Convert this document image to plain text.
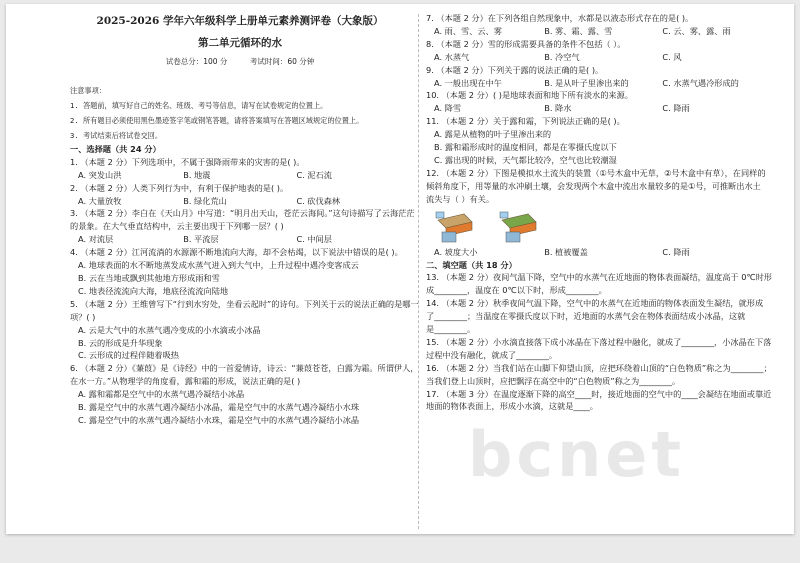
2025-2026 学年六年级科学上册单元素养测评卷（大象版）
第二单元循环的水
试卷总分：100 分	考试时间：60 分钟
注意事项：
1. 答题前，填写好自己的姓名、班级、考号等信息，请写在试卷规定的位置上。
2. 所有题目必须使用黑色墨迹签字笔或钢笔答题，请将答案填写在答题区域规定的位置上。
3. 考试结束后将试卷交回。
一、选择题（共 24 分）
1. （本题 2 分）下列选项中，不属于强降雨带来的灾害的是( )。
A. 突发山洪	B. 地震	C. 泥石流
2. （本题 2 分）人类下列行为中，有利于保护地表的是( )。
A. 大量放牧	B. 绿化荒山	C. 砍伐森林
3. （本题 2 分）李白在《天山月》中写道：“明月出天山，苍茫云海间。”这句诗描写了云海茫茫
的景象。在大气垂直结构中，云主要出现于下列哪一层？( )
A. 对流层	B. 平流层	C. 中间层
4. （本题 2 分）江河流淌的水源源不断地流向大海，却不会枯竭，以下说法中错误的是( )。
A. 地球表面的水不断地蒸发成水蒸气进入到大气中，上升过程中遇冷变客成云
B. 云在当地或飘到其他地方形成雨和雪
C. 地表径流流向大海，地底径流流向陆地
5. （本题 2 分）王维曾写下“行到水穷处，坐看云起时”的诗句。下列关于云的说法正确的是哪一
项？( )
A. 云是大气中的水蒸气遇冷变成的小水滴或小冰晶
B. 云的形成是升华现象
C. 云形成的过程伴随着吸热
6. （本题 2 分）《蒹葭》是《诗经》中的一首爱情诗，诗云：“蒹葭苍苍，白露为霜。所谓伊人，
在水一方。”从物理学的角度看，露和霜的形成，说法正确的是( )
A. 露和霜都是空气中的水蒸气遇冷凝结小冰晶
B. 露是空气中的水蒸气遇冷凝结小冰晶，霜是空气中的水蒸气遇冷凝结小水珠
C. 露是空气中的水蒸气遇冷凝结小水珠，霜是空气中的水蒸气遇冷凝结小冰晶
7. （本题 2 分）在下列各组自然现象中，水都是以液态形式存在的是( )。
A. 雨、雪、云、雾	B. 雾、霜、露、雪	C. 云、雾、露、雨
8. （本题 2 分）雪的形成需要具备的条件不包括（ ）。
A. 水蒸气	B. 冷空气	C. 风
9. （本题 2 分）下列关于露的说法正确的是( )。
A. 一般出现在中午	B. 是从叶子里渗出来的	C. 水蒸气遇冷形成的
10. （本题 2 分）( )是地球表面和地下所有淡水的来源。
A. 降雪	B. 降水	C. 降雨
11. （本题 2 分）关于露和霜，下列说法正确的是( )。
A. 露是从植物的叶子里渗出来的
B. 露和霜形成时的温度相同，都是在零摄氏度以下
C. 露出现的时候，天气都比较冷，空气也比较潮湿
12. （本题 2 分）下图是模拟水土流失的装置（①号木盒中无草，②号木盒中有草），在同样的
倾斜角度下，用等量的水冲刷土壤，会发现两个木盒中流出水量较多的是①号，可推断出水土
流失与（ ）有关。
A. 坡度大小	B. 植被覆盖	C. 降雨
二、填空题（共 18 分）
13. （本题 2 分）夜间气温下降，空气中的水蒸气在近地面的物体表面凝结，温度高于 0℃时形
成________，温度在 0℃以下时，形成________。
14. （本题 2 分）秋季夜间气温下降，空气中的水蒸气在近地面的物体表面发生凝结，就形成
了________；当温度在零摄氏度以下时，近地面的水蒸气会在物体表面结成小冰晶，这就
是________。
15. （本题 2 分）小水滴直接落下成小冰晶在下落过程中融化，就成了________，小冰晶在下落
过程中没有融化，就成了________。
16. （本题 2 分）当我们站在山脚下仰望山顶，应把环绕着山顶的“白色物质”称之为________；
当我们登上山顶时，应把飘浮在高空中的“白色物质”称之为________。
17. （本题 3 分）在温度逐渐下降的高空____时，接近地面的空气中的____会凝结在地面或靠近
地面的物体表面上，形成小水滴，这就是____。
bcnet
